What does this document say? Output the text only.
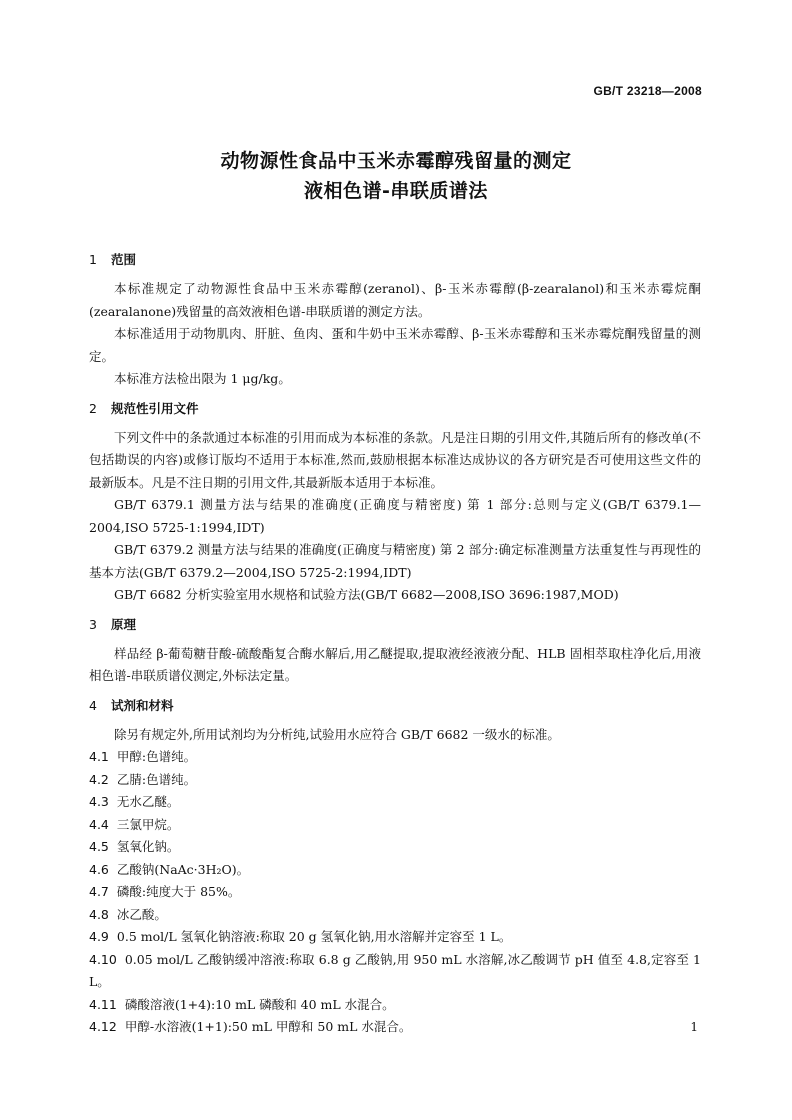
GB/T 23218—2008
动物源性食品中玉米赤霉醇残留量的测定
液相色谱-串联质谱法
1 范围

本标准规定了动物源性食品中玉米赤霉醇(zeranol)、β-玉米赤霉醇(β-zearalanol)和玉米赤霉烷酮(zearalanone)残留量的高效液相色谱-串联质谱的测定方法。

本标准适用于动物肌肉、肝脏、鱼肉、蛋和牛奶中玉米赤霉醇、β-玉米赤霉醇和玉米赤霉烷酮残留量的测定。

本标准方法检出限为 1 μg/kg。

2 规范性引用文件

下列文件中的条款通过本标准的引用而成为本标准的条款。凡是注日期的引用文件,其随后所有的修改单(不包括勘误的内容)或修订版均不适用于本标准,然而,鼓励根据本标准达成协议的各方研究是否可使用这些文件的最新版本。凡是不注日期的引用文件,其最新版本适用于本标准。

GB/T 6379.1 测量方法与结果的准确度(正确度与精密度) 第 1 部分:总则与定义(GB/T 6379.1—2004,ISO 5725-1:1994,IDT)

GB/T 6379.2 测量方法与结果的准确度(正确度与精密度) 第 2 部分:确定标准测量方法重复性与再现性的基本方法(GB/T 6379.2—2004,ISO 5725-2:1994,IDT)

GB/T 6682 分析实验室用水规格和试验方法(GB/T 6682—2008,ISO 3696:1987,MOD)

3 原理

样品经 β-葡萄糖苷酸-硫酸酯复合酶水解后,用乙醚提取,提取液经液液分配、HLB 固相萃取柱净化后,用液相色谱-串联质谱仪测定,外标法定量。

4 试剂和材料

除另有规定外,所用试剂均为分析纯,试验用水应符合 GB/T 6682 一级水的标准。

4.1 甲醇:色谱纯。

4.2 乙腈:色谱纯。

4.3 无水乙醚。

4.4 三氯甲烷。

4.5 氢氧化钠。

4.6 乙酸钠(NaAc·3H₂O)。

4.7 磷酸:纯度大于 85%。

4.8 冰乙酸。

4.9 0.5 mol/L 氢氧化钠溶液:称取 20 g 氢氧化钠,用水溶解并定容至 1 L。

4.10 0.05 mol/L 乙酸钠缓冲溶液:称取 6.8 g 乙酸钠,用 950 mL 水溶解,冰乙酸调节 pH 值至 4.8,定容至 1 L。

4.11 磷酸溶液(1+4):10 mL 磷酸和 40 mL 水混合。

4.12 甲醇-水溶液(1+1):50 mL 甲醇和 50 mL 水混合。	1
